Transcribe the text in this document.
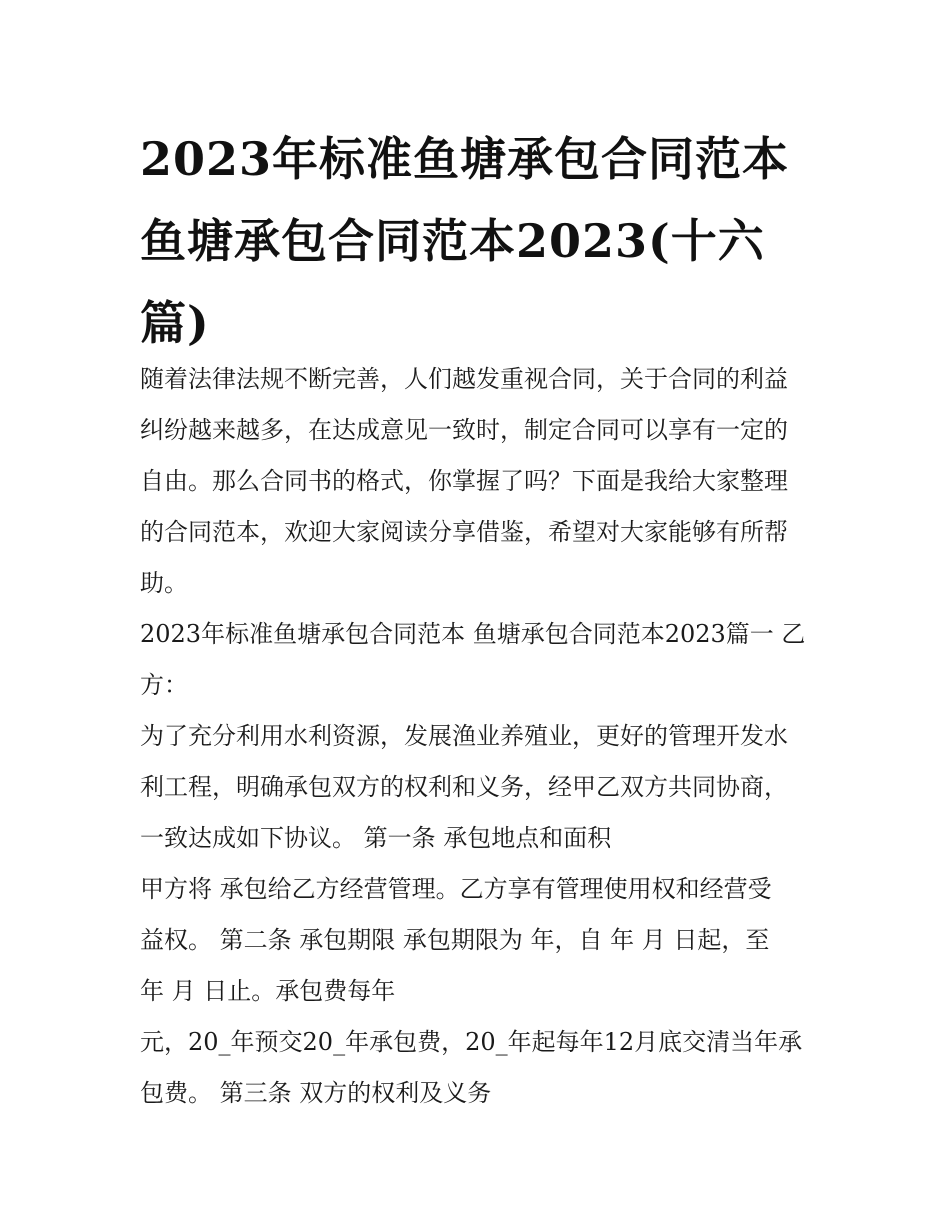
2023年标准鱼塘承包合同范本
鱼塘承包合同范本2023(十六
篇)
随着法律法规不断完善，人们越发重视合同，关于合同的利益
纠纷越来越多，在达成意见一致时，制定合同可以享有一定的
自由。那么合同书的格式，你掌握了吗？下面是我给大家整理
的合同范本，欢迎大家阅读分享借鉴，希望对大家能够有所帮
助。
2023年标准鱼塘承包合同范本 鱼塘承包合同范本2023篇一 乙
方：
为了充分利用水利资源，发展渔业养殖业，更好的管理开发水
利工程，明确承包双方的权利和义务，经甲乙双方共同协商，
一致达成如下协议。 第一条 承包地点和面积
甲方将 承包给乙方经营管理。乙方享有管理使用权和经营受
益权。 第二条 承包期限 承包期限为 年，自 年 月 日起，至
年 月 日止。承包费每年
元，20_年预交20_年承包费，20_年起每年12月底交清当年承
包费。 第三条 双方的权利及义务
